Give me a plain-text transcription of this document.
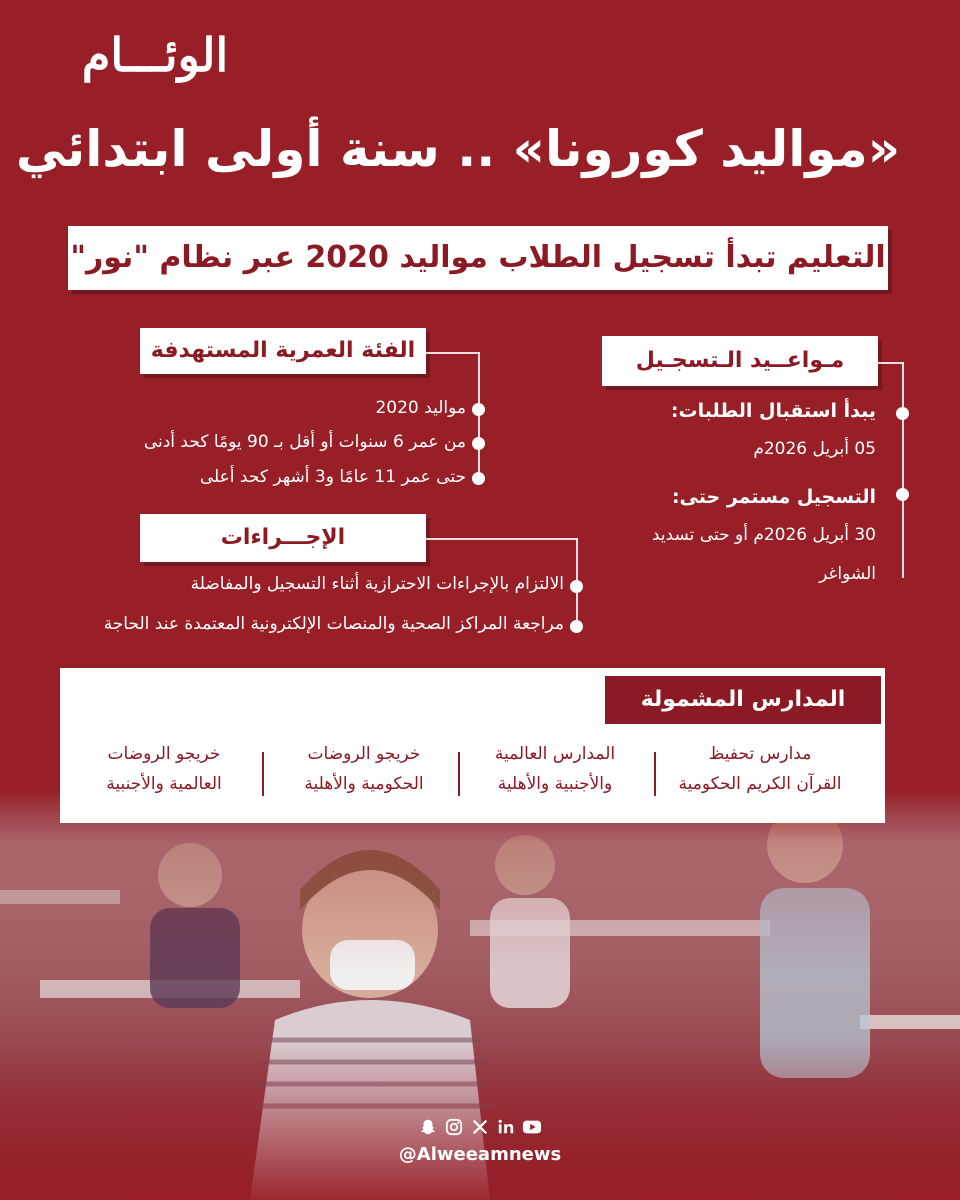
الوئـــام
«مواليد كورونا» .. سنة أولى ابتدائي
التعليم تبدأ تسجيل الطلاب مواليد 2020 عبر نظام "نور"
مـواعــيد الـتسجـيل
يبدأ استقبال الطلبات:
05 أبريل 2026م
التسجيل مستمر حتى:
30 أبريل 2026م أو حتى تسديد
الشواغر
الفئة العمرية المستهدفة
مواليد 2020
من عمر 6 سنوات أو أقل بـ 90 يومًا كحد أدنى
حتى عمر 11 عامًا و3 أشهر كحد أعلى
الإجـــراءات
الالتزام بالإجراءات الاحترازية أثناء التسجيل والمفاضلة
مراجعة المراكز الصحية والمنصات الإلكترونية المعتمدة عند الحاجة
المدارس المشمولة
مدارس تحفيظ
القرآن الكريم الحكومية
المدارس العالمية
والأجنبية والأهلية
خريجو الروضات
الحكومية والأهلية
خريجو الروضات
العالمية والأجنبية
@Alweeamnews
